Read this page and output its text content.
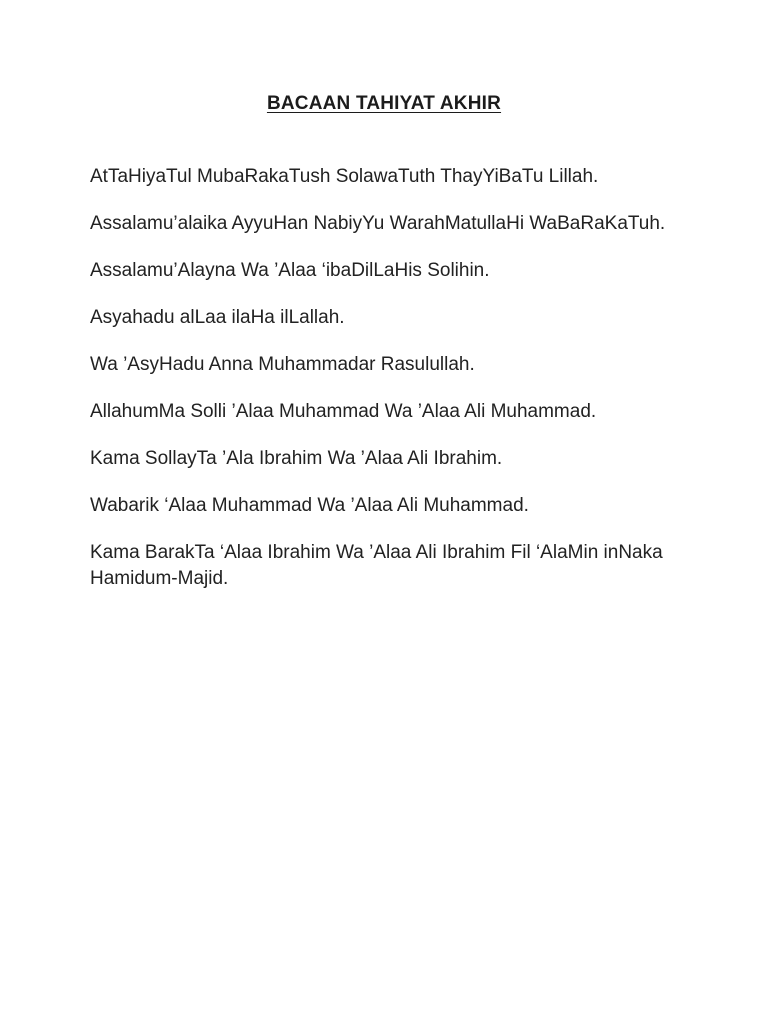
BACAAN TAHIYAT AKHIR

AtTaHiyaTul MubaRakaTush SolawaTuth ThayYiBaTu Lillah.

Assalamu’alaika AyyuHan NabiyYu WarahMatullaHi WaBaRaKaTuh.

Assalamu’Alayna Wa ’Alaa ‘ibaDilLaHis Solihin.

Asyahadu alLaa ilaHa ilLallah.

Wa ’AsyHadu Anna Muhammadar Rasulullah.

AllahumMa Solli ’Alaa Muhammad Wa ’Alaa Ali Muhammad.

Kama SollayTa ’Ala Ibrahim Wa ’Alaa Ali Ibrahim.

Wabarik ‘Alaa Muhammad Wa ’Alaa Ali Muhammad.

Kama BarakTa ‘Alaa Ibrahim Wa ’Alaa Ali Ibrahim Fil ‘AlaMin inNaka Hamidum-Majid.
